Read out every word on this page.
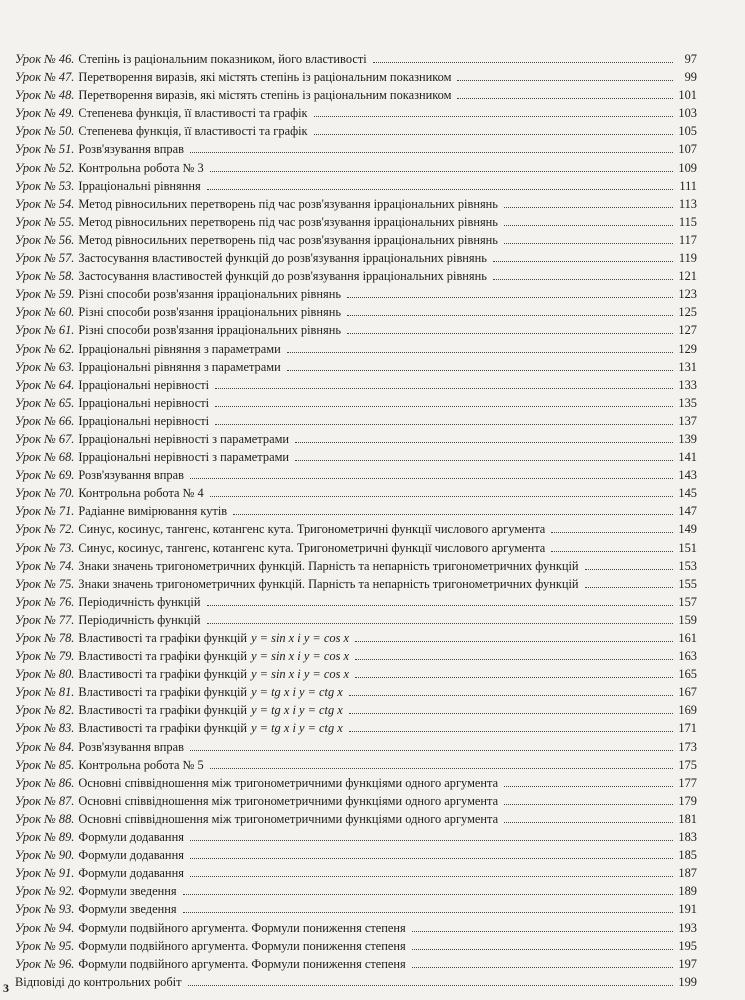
Урок № 46. Степінь із раціональним показником, його властивості	97
Урок № 47. Перетворення виразів, які містять степінь із раціональним показником	99
Урок № 48. Перетворення виразів, які містять степінь із раціональним показником	101
Урок № 49. Степенева функція, її властивості та графік	103
Урок № 50. Степенева функція, її властивості та графік	105
Урок № 51. Розв'язування вправ	107
Урок № 52. Контрольна робота № 3	109
Урок № 53. Ірраціональні рівняння	111
Урок № 54. Метод рівносильних перетворень під час розв'язування ірраціональних рівнянь	113
Урок № 55. Метод рівносильних перетворень під час розв'язування ірраціональних рівнянь	115
Урок № 56. Метод рівносильних перетворень під час розв'язування ірраціональних рівнянь	117
Урок № 57. Застосування властивостей функцій до розв'язування ірраціональних рівнянь	119
Урок № 58. Застосування властивостей функцій до розв'язування ірраціональних рівнянь	121
Урок № 59. Різні способи розв'язання ірраціональних рівнянь	123
Урок № 60. Різні способи розв'язання ірраціональних рівнянь	125
Урок № 61. Різні способи розв'язання ірраціональних рівнянь	127
Урок № 62. Ірраціональні рівняння з параметрами	129
Урок № 63. Ірраціональні рівняння з параметрами	131
Урок № 64. Ірраціональні нерівності	133
Урок № 65. Ірраціональні нерівності	135
Урок № 66. Ірраціональні нерівності	137
Урок № 67. Ірраціональні нерівності з параметрами	139
Урок № 68. Ірраціональні нерівності з параметрами	141
Урок № 69. Розв'язування вправ	143
Урок № 70. Контрольна робота № 4	145
Урок № 71. Радіанне вимірювання кутів	147
Урок № 72. Синус, косинус, тангенс, котангенс кута. Тригонометричні функції числового аргумента	149
Урок № 73. Синус, косинус, тангенс, котангенс кута. Тригонометричні функції числового аргумента	151
Урок № 74. Знаки значень тригонометричних функцій. Парність та непарність тригонометричних функцій	153
Урок № 75. Знаки значень тригонометричних функцій. Парність та непарність тригонометричних функцій	155
Урок № 76. Періодичність функцій	157
Урок № 77. Періодичність функцій	159
Урок № 78. Властивості та графіки функцій y = sin x і y = cos x	161
Урок № 79. Властивості та графіки функцій y = sin x і y = cos x	163
Урок № 80. Властивості та графіки функцій y = sin x і y = cos x	165
Урок № 81. Властивості та графіки функцій y = tg x і y = ctg x	167
Урок № 82. Властивості та графіки функцій y = tg x і y = ctg x	169
Урок № 83. Властивості та графіки функцій y = tg x і y = ctg x	171
Урок № 84. Розв'язування вправ	173
Урок № 85. Контрольна робота № 5	175
Урок № 86. Основні співвідношення між тригонометричними функціями одного аргумента	177
Урок № 87. Основні співвідношення між тригонометричними функціями одного аргумента	179
Урок № 88. Основні співвідношення між тригонометричними функціями одного аргумента	181
Урок № 89. Формули додавання	183
Урок № 90. Формули додавання	185
Урок № 91. Формули додавання	187
Урок № 92. Формули зведення	189
Урок № 93. Формули зведення	191
Урок № 94. Формули подвійного аргумента. Формули пониження степеня	193
Урок № 95. Формули подвійного аргумента. Формули пониження степеня	195
Урок № 96. Формули подвійного аргумента. Формули пониження степеня	197
Відповіді до контрольних робіт	199
3
